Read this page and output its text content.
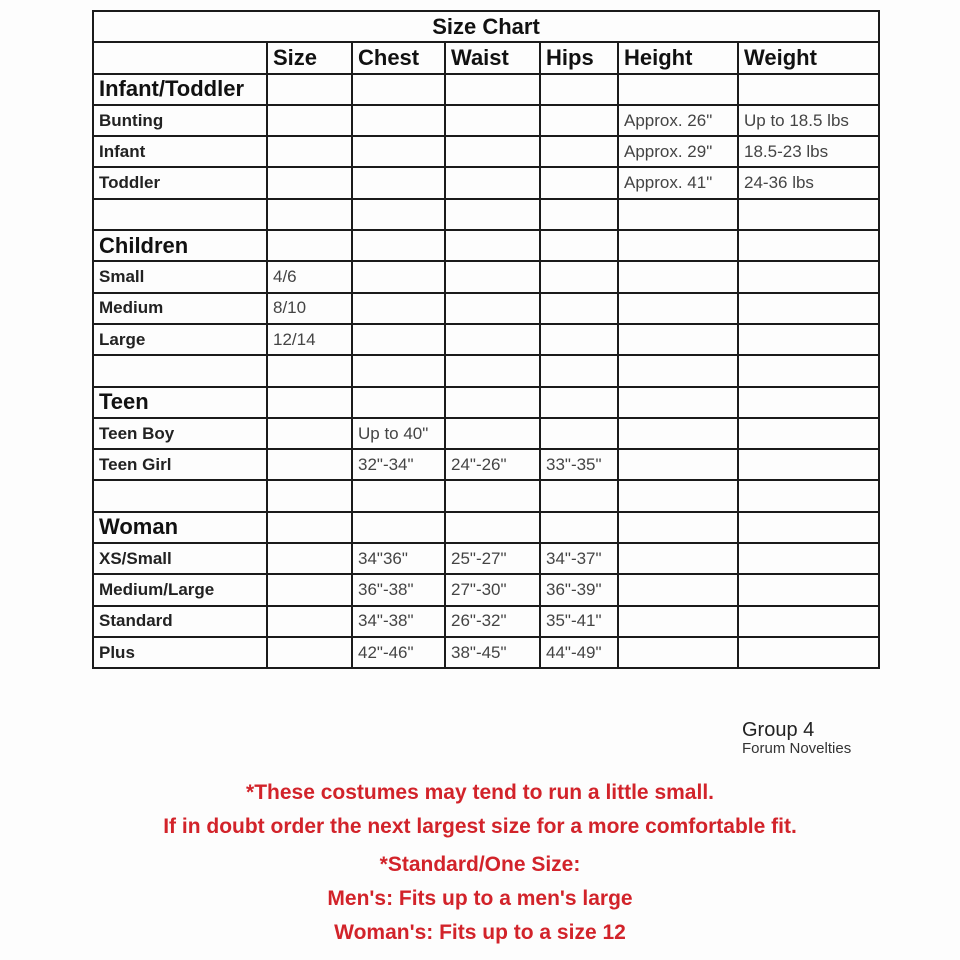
Size Chart						
	Size	Chest	Waist	Hips	Height	Weight
Infant/Toddler						
Bunting					Approx. 26"	Up to 18.5 lbs
Infant					Approx. 29"	18.5-23 lbs
Toddler					Approx. 41"	24-36 lbs

Children						
Small	4/6					
Medium	8/10					
Large	12/14					

Teen						
Teen Boy		Up to 40"				
Teen Girl		32"-34"	24"-26"	33"-35"		

Woman						
XS/Small		34"36"	25"-27"	34"-37"		
Medium/Large		36"-38"	27"-30"	36"-39"		
Standard		34"-38"	26"-32"	35"-41"		
Plus		42"-46"	38"-45"	44"-49"		
Group 4
Forum Novelties
*These costumes may tend to run a little small.
If in doubt order the next largest size for a more comfortable fit.
*Standard/One Size:
Men's: Fits up to a men's large
Woman's: Fits up to a size 12
